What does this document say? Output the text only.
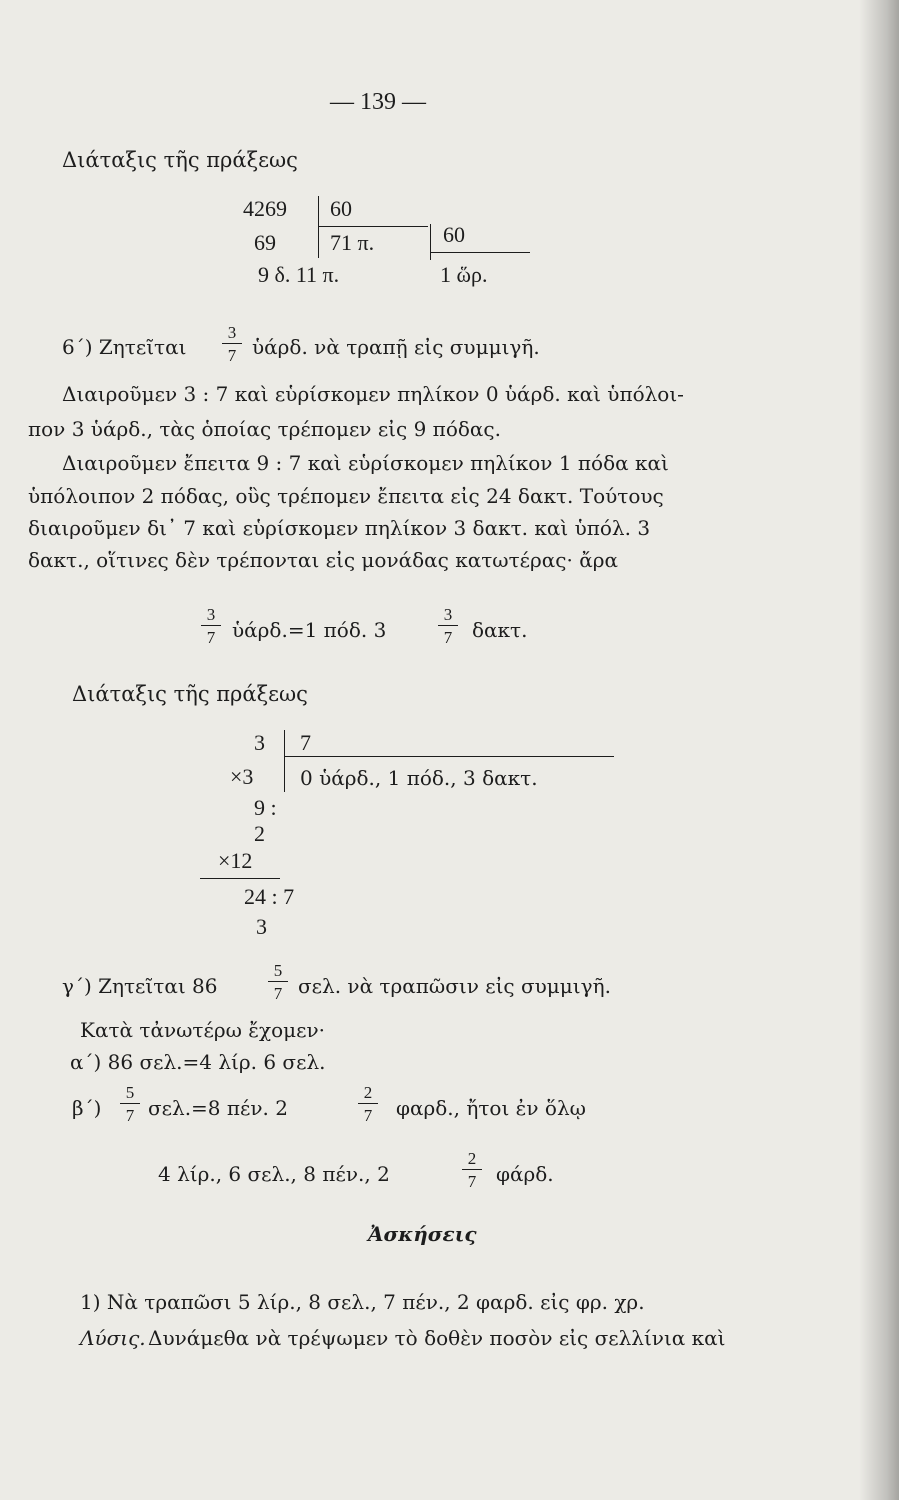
— 139 —
Διάταξις τῆς πράξεως
4269
69
9 δ. 11 π.
60
71 π.	60
1 ὥρ.
6΄) Ζητεῖται
3
7 ὑάρδ. νὰ τραπῇ εἰς συμμιγῆ.
Διαιροῦμεν 3 : 7 καὶ εὑρίσκομεν πηλίκον 0 ὑάρδ. καὶ ὑπόλοι-
πον 3 ὑάρδ., τὰς ὁποίας τρέπομεν εἰς 9 πόδας.
Διαιροῦμεν ἔπειτα 9 : 7 καὶ εὑρίσκομεν πηλίκον 1 πόδα καὶ
ὑπόλοιπον 2 πόδας, οὓς τρέπομεν ἔπειτα εἰς 24 δακτ. Τούτους
διαιροῦμεν δι᾽ 7 καὶ εὑρίσκομεν πηλίκον 3 δακτ. καὶ ὑπόλ. 3
δακτ., οἵτινες δὲν τρέπονται εἰς μονάδας κατωτέρας· ἄρα
3
7 ὑάρδ.=1 πόδ. 3
3
7 δακτ.
Διάταξις τῆς πράξεως
3 7
×3 0 ὑάρδ., 1 πόδ., 3 δακτ.
9 :
2
×12
24 : 7
3
γ΄) Ζητεῖται 86
5
7 σελ. νὰ τραπῶσιν εἰς συμμιγῆ.
Κατὰ τἀνωτέρω ἔχομεν·
α΄) 86 σελ.=4 λίρ. 6 σελ.
β΄)
5
7 σελ.=8 πέν. 2
2
7 φαρδ., ἤτοι ἐν ὅλῳ
4 λίρ., 6 σελ., 8 πέν., 2
2
7 φάρδ.
Ἀσκήσεις
1) Νὰ τραπῶσι 5 λίρ., 8 σελ., 7 πέν., 2 φαρδ. εἰς φρ. χρ.
Λύσις. Δυνάμεθα νὰ τρέψωμεν τὸ δοθὲν ποσὸν εἰς σελλίνια καὶ
